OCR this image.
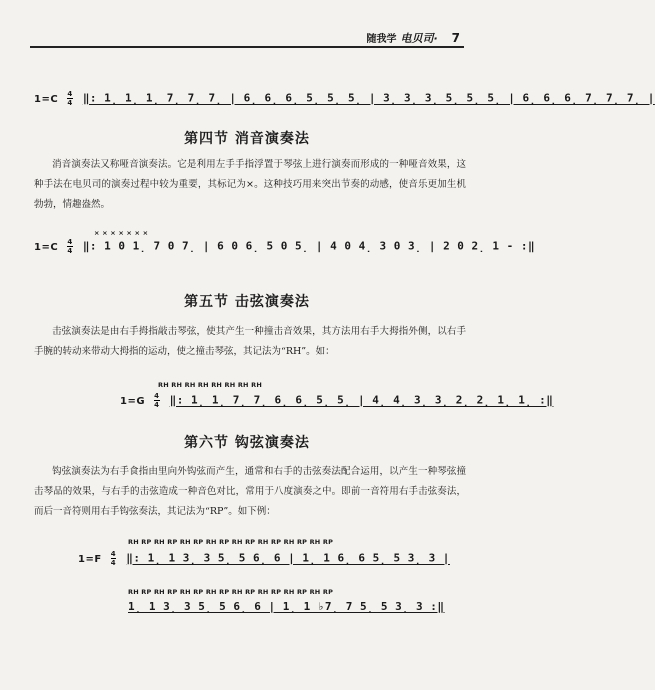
随我学 电贝司· 7
$1=C \frac{4}{4}$ ‖: 1̣ 1̣ 1̣ 7̣ 7̣ 7̣ | 6̣ 6̣ 6̣ 5̣ 5̣ 5̣ | 3̣ 3̣ 3̣ 5̣ 5̣ 5̣ | 6̣ 6̣ 6̣ 7̣ 7̣ 7̣ |
第四节 消音演奏法
消音演奏法又称哑音演奏法。它是利用左手手指浮置于琴弦上进行演奏而形成的一种哑音效果，这种手法在电贝司的演奏过程中较为重要，其标记为×。这种技巧用来突出节奏的动感，使音乐更加生机勃勃，情趣盎然。
× × × × × × ×
$1=C \frac{4}{4}$ ‖: 1 0 1̣ 7 0 7̣ | 6 0 6̣ 5 0 5̣ | 4 0 4̣ 3 0 3̣ | 2 0 2̣ 1 - :‖
第五节 击弦演奏法
击弦演奏法是由右手拇指敲击琴弦，使其产生一种撞击音效果，其方法用右手大拇指外侧，以右手手腕的转动来带动大拇指的运动，使之撞击琴弦，其记法为“RH”。如：
RH RH RH RH RH RH RH RH
$1=G \frac{4}{4}$ ‖: 1̣ 1̣ 7̣ 7̣ 6̣ 6̣ 5̣ 5̣ | 4̣ 4̣ 3̣ 3̣ 2̣ 2̣ 1̣ 1̣ :‖
第六节 钩弦演奏法
钩弦演奏法为右手食指由里向外钩弦而产生，通常和右手的击弦奏法配合运用，以产生一种琴弦撞击琴品的效果，与右手的击弦造成一种音色对比，常用于八度演奏之中。即前一音符用右手击弦奏法，而后一音符则用右手钩弦奏法，其记法为“RP”。如下例：
RH RP RH RP RH RP RH RP RH RP RH RP RH RP RH RP
$1=F \frac{4}{4}$ ‖: 1̣ 1 3̣ 3 5̣ 5 6̣ 6 | 1̣ 1 6̣ 6 5̣ 5 3̣ 3 |
RH RP RH RP RH RP RH RP RH RP RH RP RH RP RH RP
1̣ 1 3̣ 3 5̣ 5 6̣ 6 | 1̣ 1 ♭7̣ 7 5̣ 5 3̣ 3 :‖
